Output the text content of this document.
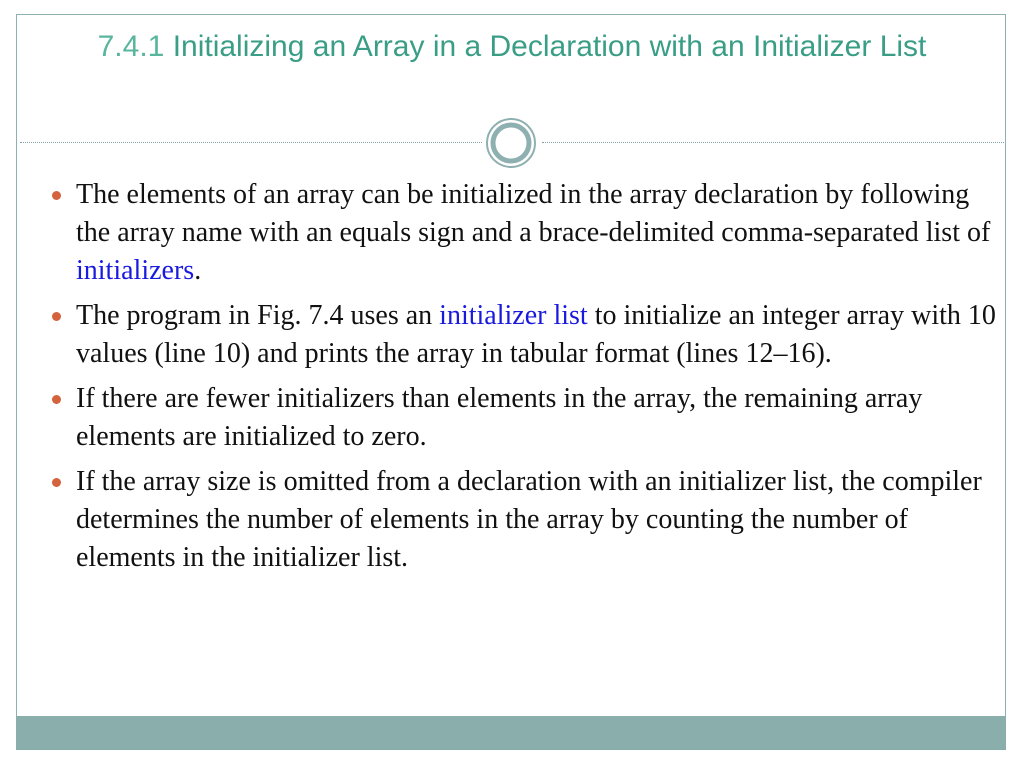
7.4.1 Initializing an Array in a Declaration with an Initializer List
The elements of an array can be initialized in the array declaration by following the array name with an equals sign and a brace-delimited comma-separated list of initializers.
The program in Fig. 7.4 uses an initializer list to initialize an integer array with 10 values (line 10) and prints the array in tabular format (lines 12–16).
If there are fewer initializers than elements in the array, the remaining array elements are initialized to zero.
If the array size is omitted from a declaration with an initializer list, the compiler determines the number of elements in the array by counting the number of elements in the initializer list.
